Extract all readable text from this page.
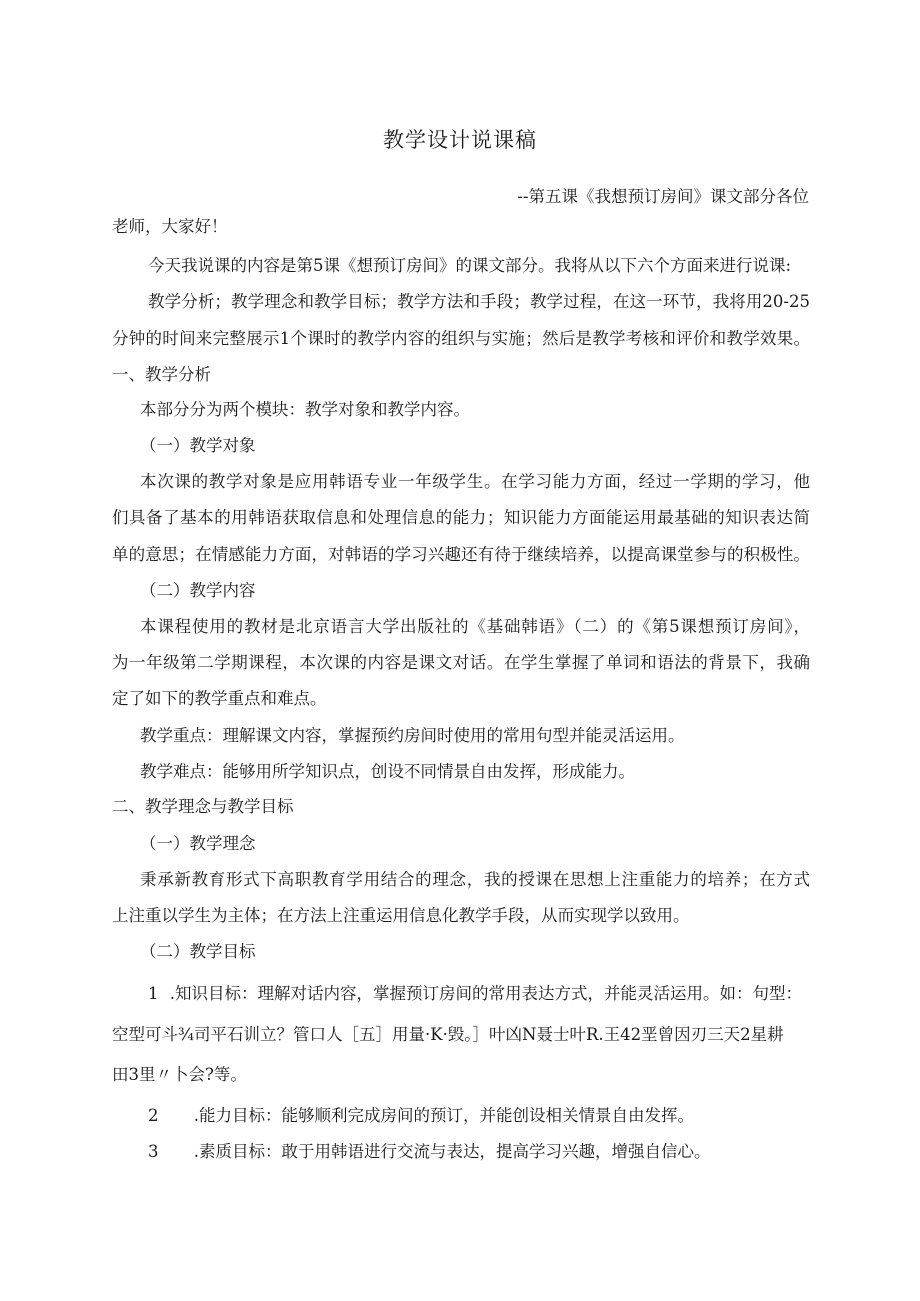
教学设计说课稿
--第五课《我想预订房间》课文部分各位
老师，大家好！
今天我说课的内容是第5课《想预订房间》的课文部分。我将从以下六个方面来进行说课:
教学分析；教学理念和教学目标；教学方法和手段；教学过程，在这一环节，我将用20-25
分钟的时间来完整展示1个课时的教学内容的组织与实施；然后是教学考核和评价和教学效果。
一、教学分析
本部分分为两个模块：教学对象和教学内容。
（一）教学对象
本次课的教学对象是应用韩语专业一年级学生。在学习能力方面，经过一学期的学习，他
们具备了基本的用韩语获取信息和处理信息的能力；知识能力方面能运用最基础的知识表达简
单的意思；在情感能力方面，对韩语的学习兴趣还有待于继续培养，以提高课堂参与的积极性。
（二）教学内容
本课程使用的教材是北京语言大学出版社的《基础韩语》（二）的《第5课想预订房间》，
为一年级第二学期课程，本次课的内容是课文对话。在学生掌握了单词和语法的背景下，我确
定了如下的教学重点和难点。
教学重点：理解课文内容，掌握预约房间时使用的常用句型并能灵活运用。
教学难点：能够用所学知识点，创设不同情景自由发挥，形成能力。
二、教学理念与教学目标
（一）教学理念
秉承新教育形式下高职教育学用结合的理念，我的授课在思想上注重能力的培养；在方式
上注重以学生为主体；在方法上注重运用信息化教学手段，从而实现学以致用。
（二）教学目标
1 .知识目标：理解对话内容，掌握预订房间的常用表达方式，并能灵活运用。如：句型：
空型可斗¾司平石训立？管口人［五］用量·K·毁。］叶凶N聂士叶R.王42垩曾因刃三天2星耕
田3里〃卜会?等。
2 .能力目标：能够顺利完成房间的预订，并能创设相关情景自由发挥。
3 .素质目标：敢于用韩语进行交流与表达，提高学习兴趣，增强自信心。
